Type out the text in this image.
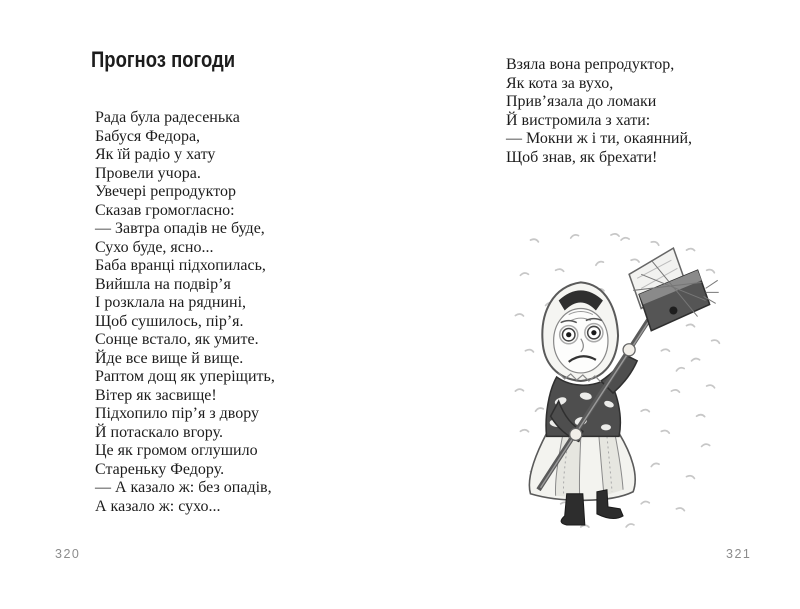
Прогноз погоди
Рада була радесенька
Бабуся Федора,
Як їй радіо у хату
Провели учора.
Увечері репродуктор
Сказав громогласно:
— Завтра опадів не буде,
Сухо буде, ясно...
Баба вранці підхопилась,
Вийшла на подвір’я
І розклала на ряднині,
Щоб сушилось, пір’я.
Сонце встало, як умите.
Йде все вище й вище.
Раптом дощ як уперіщить,
Вітер як засвище!
Підхопило пір’я з двору
Й потаскало вгору.
Це як громом оглушило
Стареньку Федору.
— А казало ж: без опадів,
А казало ж: сухо...
320
Взяла вона репродуктор,
Як кота за вухо,
Прив’язала до ломаки
Й вистромила з хати:
— Мокни ж і ти, окаянний,
Щоб знав, як брехати!
321
